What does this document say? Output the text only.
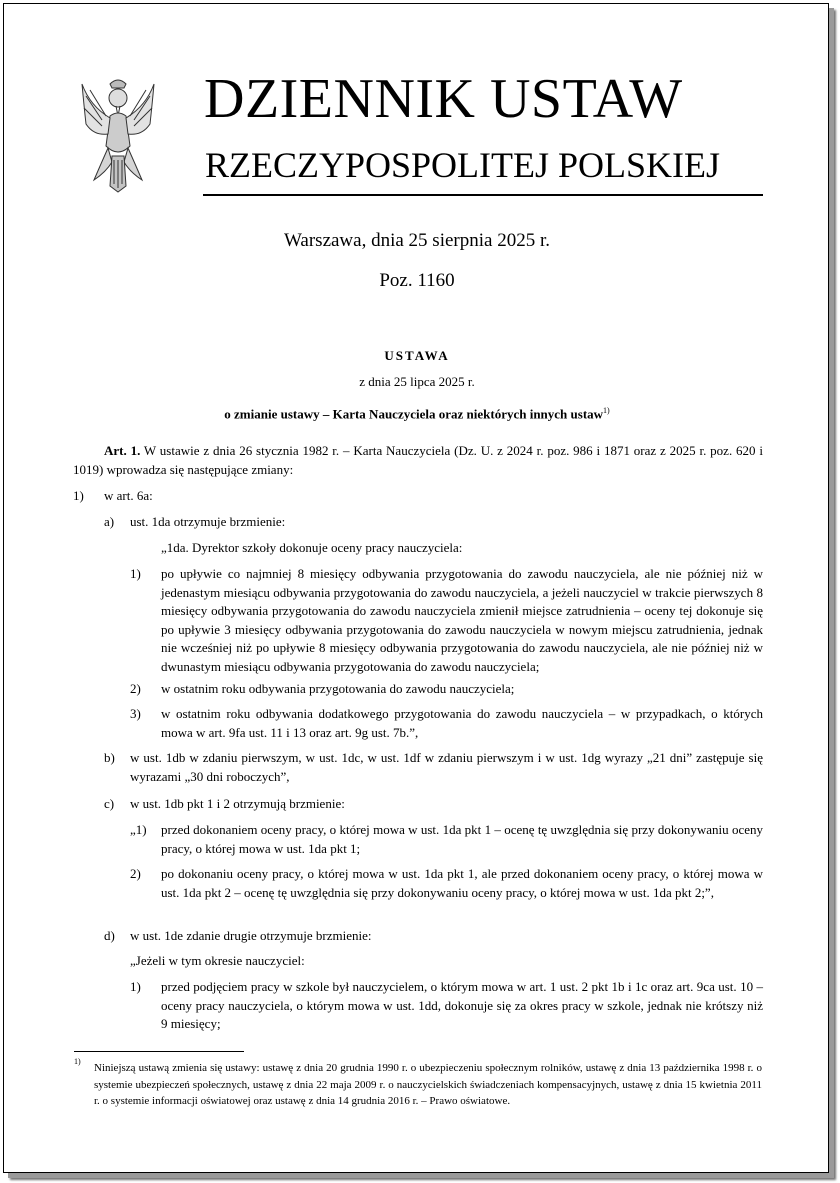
DZIENNIK USTAW
RZECZYPOSPOLITEJ POLSKIEJ
Warszawa, dnia 25 sierpnia 2025 r.
Poz. 1160
USTAWA
z dnia 25 lipca 2025 r.
o zmianie ustawy – Karta Nauczyciela oraz niektórych innych ustaw$^{1)}$
Art. 1. W ustawie z dnia 26 stycznia 1982 r. – Karta Nauczyciela (Dz. U. z 2024 r. poz. 986 i 1871 oraz z 2025 r. poz. 620 i 1019) wprowadza się następujące zmiany:
1) w art. 6a:
a) ust. 1da otrzymuje brzmienie:
„1da. Dyrektor szkoły dokonuje oceny pracy nauczyciela:
1) po upływie co najmniej 8 miesięcy odbywania przygotowania do zawodu nauczyciela, ale nie później niż w jedenastym miesiącu odbywania przygotowania do zawodu nauczyciela, a jeżeli nauczyciel w trakcie pierwszych 8 miesięcy odbywania przygotowania do zawodu nauczyciela zmienił miejsce zatrudnienia – oceny tej dokonuje się po upływie 3 miesięcy odbywania przygotowania do zawodu nauczyciela w nowym miejscu zatrudnienia, jednak nie wcześniej niż po upływie 8 miesięcy odbywania przygotowania do zawodu nauczyciela, ale nie później niż w dwunastym miesiącu odbywania przygotowania do zawodu nauczyciela;
2) w ostatnim roku odbywania przygotowania do zawodu nauczyciela;
3) w ostatnim roku odbywania dodatkowego przygotowania do zawodu nauczyciela – w przypadkach, o których mowa w art. 9fa ust. 11 i 13 oraz art. 9g ust. 7b.”,
b) w ust. 1db w zdaniu pierwszym, w ust. 1dc, w ust. 1df w zdaniu pierwszym i w ust. 1dg wyrazy „21 dni” zastępuje się wyrazami „30 dni roboczych”,
c) w ust. 1db pkt 1 i 2 otrzymują brzmienie:
„1) przed dokonaniem oceny pracy, o której mowa w ust. 1da pkt 1 – ocenę tę uwzględnia się przy dokonywaniu oceny pracy, o której mowa w ust. 1da pkt 1;
2) po dokonaniu oceny pracy, o której mowa w ust. 1da pkt 1, ale przed dokonaniem oceny pracy, o której mowa w ust. 1da pkt 2 – ocenę tę uwzględnia się przy dokonywaniu oceny pracy, o której mowa w ust. 1da pkt 2;”,
d) w ust. 1de zdanie drugie otrzymuje brzmienie:
„Jeżeli w tym okresie nauczyciel:
1) przed podjęciem pracy w szkole był nauczycielem, o którym mowa w art. 1 ust. 2 pkt 1b i 1c oraz art. 9ca ust. 10 – oceny pracy nauczyciela, o którym mowa w ust. 1dd, dokonuje się za okres pracy w szkole, jednak nie krótszy niż 9 miesięcy;
1)
Niniejszą ustawą zmienia się ustawy: ustawę z dnia 20 grudnia 1990 r. o ubezpieczeniu społecznym rolników, ustawę z dnia 13 października 1998 r. o systemie ubezpieczeń społecznych, ustawę z dnia 22 maja 2009 r. o nauczycielskich świadczeniach kompensacyjnych, ustawę z dnia 15 kwietnia 2011 r. o systemie informacji oświatowej oraz ustawę z dnia 14 grudnia 2016 r. – Prawo oświatowe.
